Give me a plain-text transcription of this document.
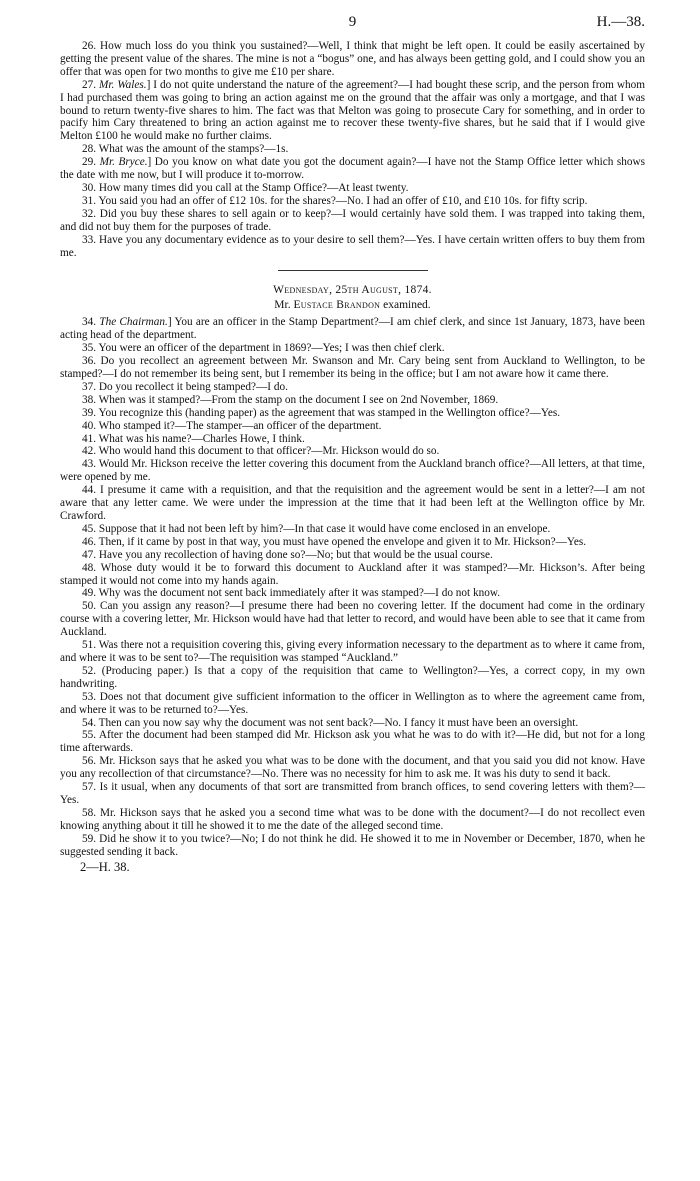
9	H.—38.

26. How much loss do you think you sustained?—Well, I think that might be left open. It could be easily ascertained by getting the present value of the shares. The mine is not a “bogus” one, and has always been getting gold, and I could show you an offer that was open for two months to give me £10 per share.

27. Mr. Wales.] I do not quite understand the nature of the agreement?—I had bought these scrip, and the person from whom I had purchased them was going to bring an action against me on the ground that the affair was only a mortgage, and that I was bound to return twenty-five shares to him. The fact was that Melton was going to prosecute Cary for something, and in order to pacify him Cary threatened to bring an action against me to recover these twenty-five shares, but he said that if I would give Melton £100 he would make no further claims.

28. What was the amount of the stamps?—1s.

29. Mr. Bryce.] Do you know on what date you got the document again?—I have not the Stamp Office letter which shows the date with me now, but I will produce it to-morrow.

30. How many times did you call at the Stamp Office?—At least twenty.

31. You said you had an offer of £12 10s. for the shares?—No. I had an offer of £10, and £10 10s. for fifty scrip.

32. Did you buy these shares to sell again or to keep?—I would certainly have sold them. I was trapped into taking them, and did not buy them for the purposes of trade.

33. Have you any documentary evidence as to your desire to sell them?—Yes. I have certain written offers to buy them from me.

Wednesday, 25th August, 1874.

Mr. Eustace Brandon examined.

34. The Chairman.] You are an officer in the Stamp Department?—I am chief clerk, and since 1st January, 1873, have been acting head of the department.

35. You were an officer of the department in 1869?—Yes; I was then chief clerk.

36. Do you recollect an agreement between Mr. Swanson and Mr. Cary being sent from Auckland to Wellington, to be stamped?—I do not remember its being sent, but I remember its being in the office; but I am not aware how it came there.

37. Do you recollect it being stamped?—I do.

38. When was it stamped?—From the stamp on the document I see on 2nd November, 1869.

39. You recognize this (handing paper) as the agreement that was stamped in the Wellington office?—Yes.

40. Who stamped it?—The stamper—an officer of the department.

41. What was his name?—Charles Howe, I think.

42. Who would hand this document to that officer?—Mr. Hickson would do so.

43. Would Mr. Hickson receive the letter covering this document from the Auckland branch office?—All letters, at that time, were opened by me.

44. I presume it came with a requisition, and that the requisition and the agreement would be sent in a letter?—I am not aware that any letter came. We were under the impression at the time that it had been left at the Wellington office by Mr. Crawford.

45. Suppose that it had not been left by him?—In that case it would have come enclosed in an envelope.

46. Then, if it came by post in that way, you must have opened the envelope and given it to Mr. Hickson?—Yes.

47. Have you any recollection of having done so?—No; but that would be the usual course.

48. Whose duty would it be to forward this document to Auckland after it was stamped?—Mr. Hickson’s. After being stamped it would not come into my hands again.

49. Why was the document not sent back immediately after it was stamped?—I do not know.

50. Can you assign any reason?—I presume there had been no covering letter. If the document had come in the ordinary course with a covering letter, Mr. Hickson would have had that letter to record, and would have been able to see that it came from Auckland.

51. Was there not a requisition covering this, giving every information necessary to the department as to where it came from, and where it was to be sent to?—The requisition was stamped “Auckland.”

52. (Producing paper.) Is that a copy of the requisition that came to Wellington?—Yes, a correct copy, in my own handwriting.

53. Does not that document give sufficient information to the officer in Wellington as to where the agreement came from, and where it was to be returned to?—Yes.

54. Then can you now say why the document was not sent back?—No. I fancy it must have been an oversight.

55. After the document had been stamped did Mr. Hickson ask you what he was to do with it?—He did, but not for a long time afterwards.

56. Mr. Hickson says that he asked you what was to be done with the document, and that you said you did not know. Have you any recollection of that circumstance?—No. There was no necessity for him to ask me. It was his duty to send it back.

57. Is it usual, when any documents of that sort are transmitted from branch offices, to send covering letters with them?—Yes.

58. Mr. Hickson says that he asked you a second time what was to be done with the document?—I do not recollect even knowing anything about it till he showed it to me the date of the alleged second time.

59. Did he show it to you twice?—No; I do not think he did. He showed it to me in November or December, 1870, when he suggested sending it back.

2—H. 38.
